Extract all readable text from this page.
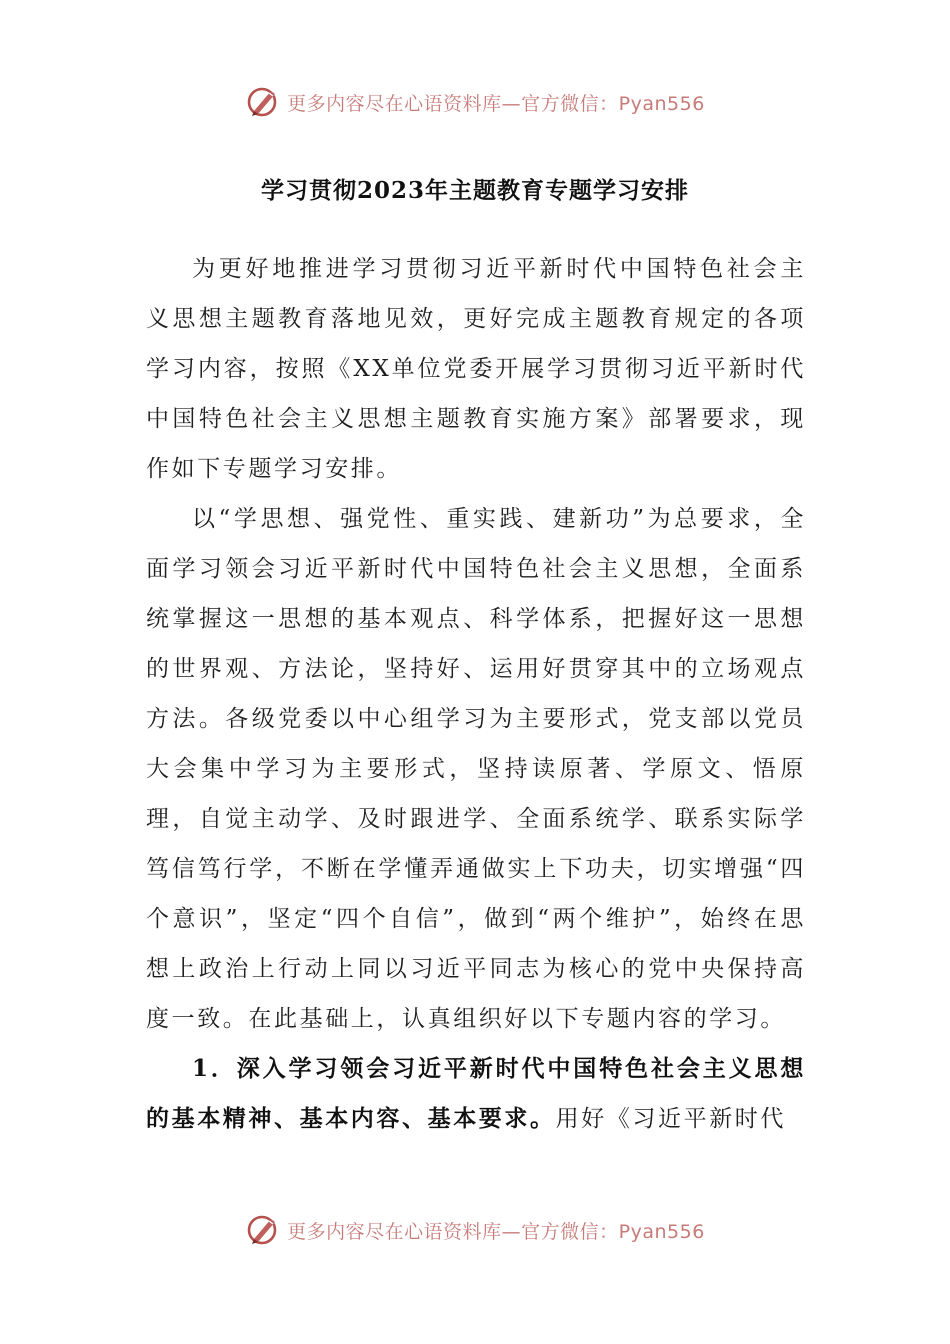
更多内容尽在心语资料库—官方微信：Pyan556
学习贯彻2023年主题教育专题学习安排

为更好地推进学习贯彻习近平新时代中国特色社会主义思想主题教育落地见效，更好完成主题教育规定的各项学习内容，按照《XX单位党委开展学习贯彻习近平新时代中国特色社会主义思想主题教育实施方案》部署要求，现作如下专题学习安排。

以“学思想、强党性、重实践、建新功”为总要求，全面学习领会习近平新时代中国特色社会主义思想，全面系统掌握这一思想的基本观点、科学体系，把握好这一思想的世界观、方法论，坚持好、运用好贯穿其中的立场观点方法。各级党委以中心组学习为主要形式，党支部以党员大会集中学习为主要形式，坚持读原著、学原文、悟原理，自觉主动学、及时跟进学、全面系统学、联系实际学笃信笃行学，不断在学懂弄通做实上下功夫，切实增强“四个意识”，坚定“四个自信”，做到“两个维护”，始终在思想上政治上行动上同以习近平同志为核心的党中央保持高度一致。在此基础上，认真组织好以下专题内容的学习。

1．深入学习领会习近平新时代中国特色社会主义思想的基本精神、基本内容、基本要求。用好《习近平新时代

更多内容尽在心语资料库—官方微信：Pyan556
